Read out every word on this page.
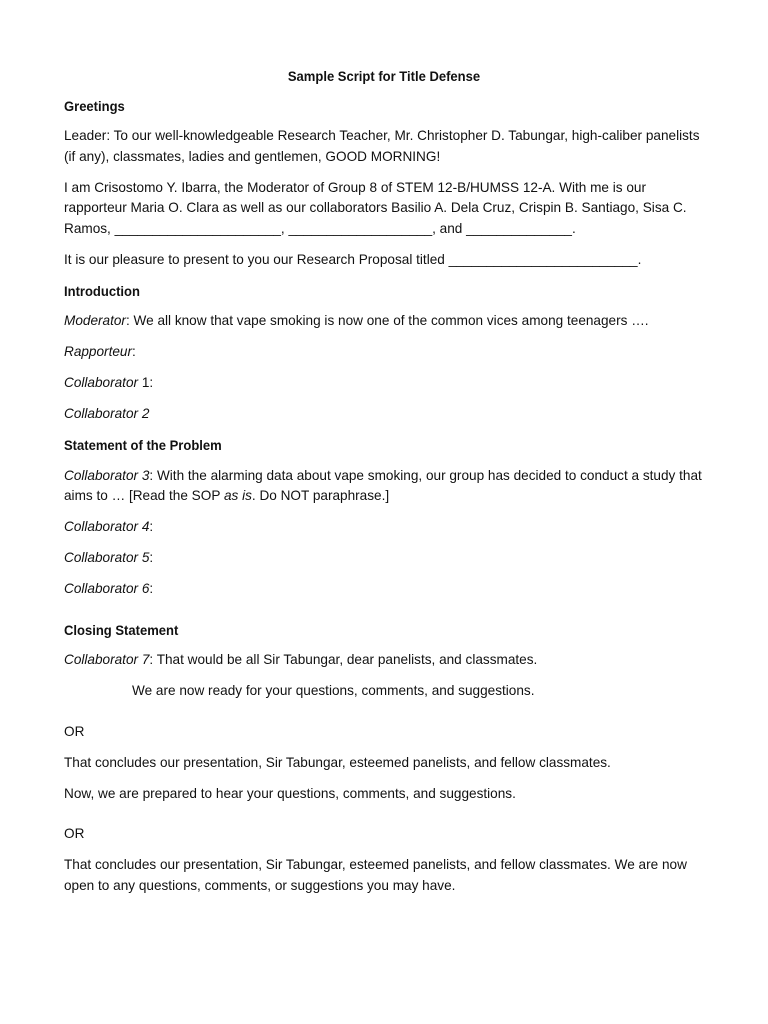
Sample Script for Title Defense
Greetings

Leader: To our well-knowledgeable Research Teacher, Mr. Christopher D. Tabungar, high-caliber panelists (if any), classmates, ladies and gentlemen, GOOD MORNING!

I am Crisostomo Y. Ibarra, the Moderator of Group 8 of STEM 12-B/HUMSS 12-A. With me is our rapporteur Maria O. Clara as well as our collaborators Basilio A. Dela Cruz, Crispin B. Santiago, Sisa C. Ramos, ______________________, ___________________, and ______________.

It is our pleasure to present to you our Research Proposal titled _________________________.

Introduction

Moderator: We all know that vape smoking is now one of the common vices among teenagers ….

Rapporteur:

Collaborator 1:

Collaborator 2

Statement of the Problem

Collaborator 3: With the alarming data about vape smoking, our group has decided to conduct a study that aims to … [Read the SOP as is. Do NOT paraphrase.]

Collaborator 4:

Collaborator 5:

Collaborator 6:

Closing Statement

Collaborator 7: That would be all Sir Tabungar, dear panelists, and classmates.

We are now ready for your questions, comments, and suggestions.

OR

That concludes our presentation, Sir Tabungar, esteemed panelists, and fellow classmates.

Now, we are prepared to hear your questions, comments, and suggestions.

OR

That concludes our presentation, Sir Tabungar, esteemed panelists, and fellow classmates. We are now open to any questions, comments, or suggestions you may have.
